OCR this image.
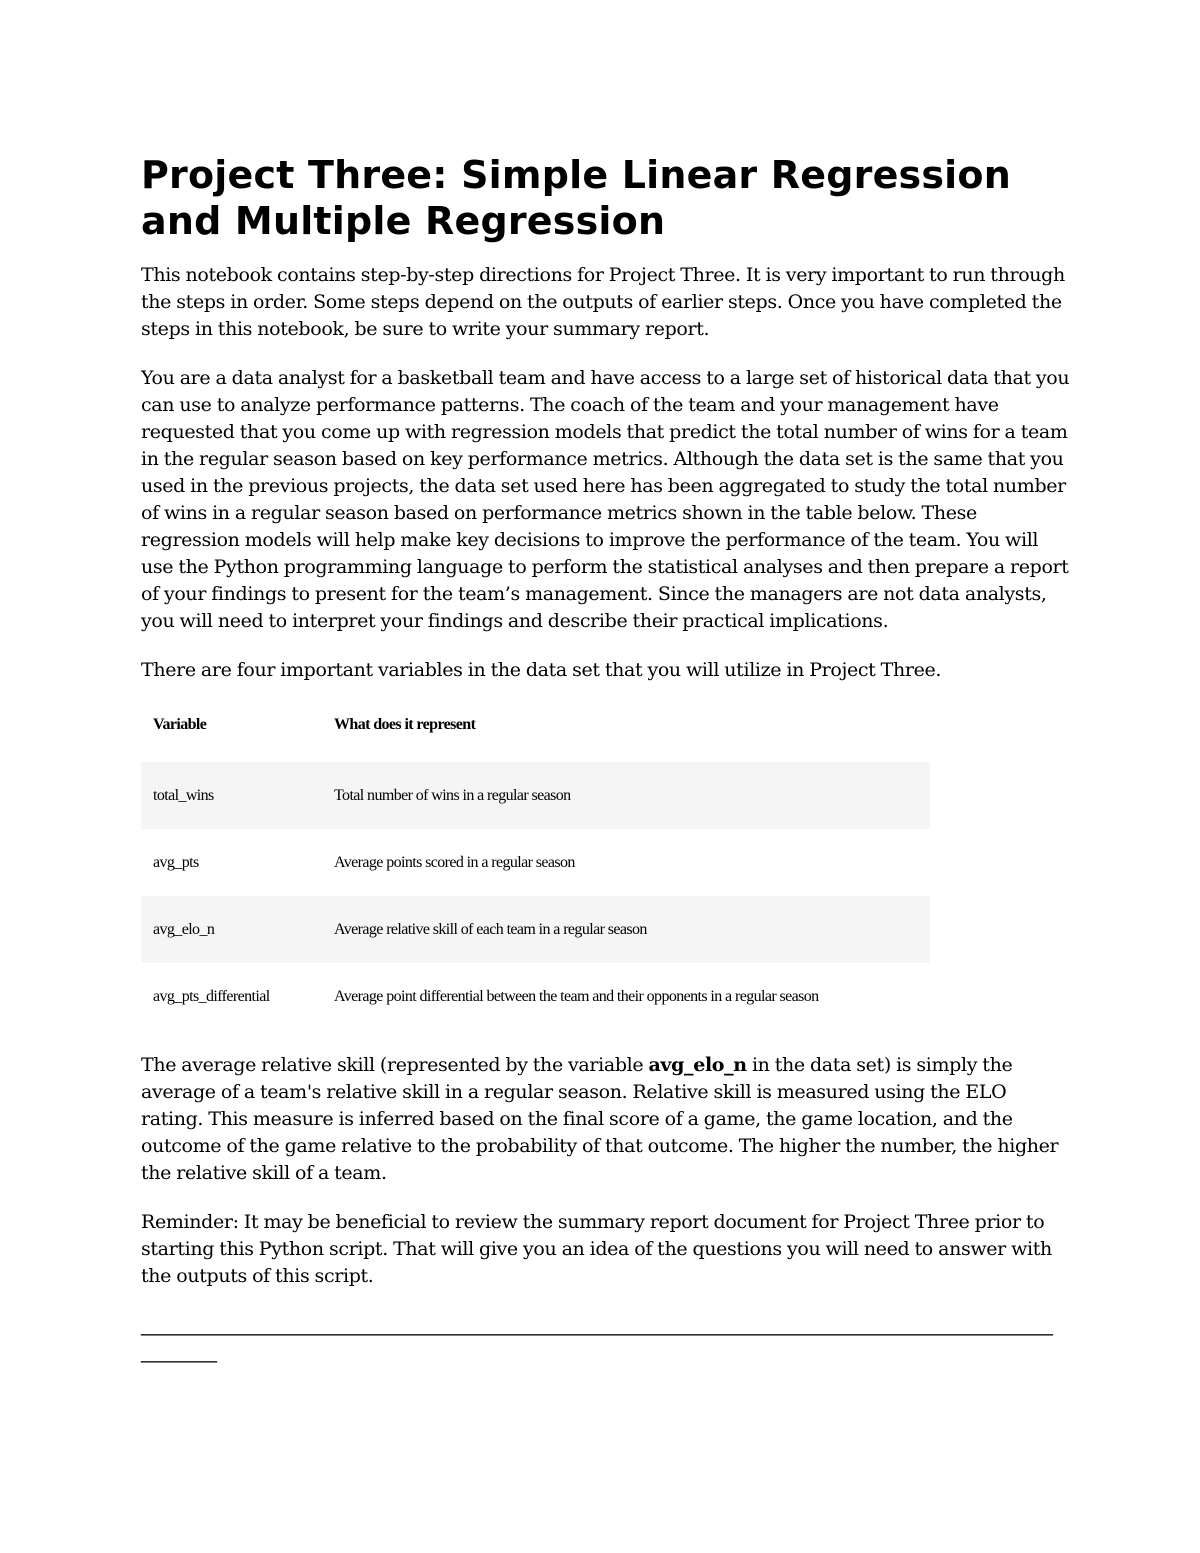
Project Three: Simple Linear Regression and Multiple Regression

This notebook contains step-by-step directions for Project Three. It is very important to run through the steps in order. Some steps depend on the outputs of earlier steps. Once you have completed the steps in this notebook, be sure to write your summary report.

You are a data analyst for a basketball team and have access to a large set of historical data that you can use to analyze performance patterns. The coach of the team and your management have requested that you come up with regression models that predict the total number of wins for a team in the regular season based on key performance metrics. Although the data set is the same that you used in the previous projects, the data set used here has been aggregated to study the total number of wins in a regular season based on performance metrics shown in the table below. These regression models will help make key decisions to improve the performance of the team. You will use the Python programming language to perform the statistical analyses and then prepare a report of your findings to present for the team’s management. Since the managers are not data analysts, you will need to interpret your findings and describe their practical implications.

There are four important variables in the data set that you will utilize in Project Three.

Variable	What does it represent
total_wins	Total number of wins in a regular season
avg_pts	Average points scored in a regular season
avg_elo_n	Average relative skill of each team in a regular season
avg_pts_differential	Average point differential between the team and their opponents in a regular season

The average relative skill (represented by the variable avg_elo_n in the data set) is simply the average of a team's relative skill in a regular season. Relative skill is measured using the ELO rating. This measure is inferred based on the final score of a game, the game location, and the outcome of the game relative to the probability of that outcome. The higher the number, the higher the relative skill of a team.

Reminder: It may be beneficial to review the summary report document for Project Three prior to starting this Python script. That will give you an idea of the questions you will need to answer with the outputs of this script.

________________________________________________________________________________________________________
